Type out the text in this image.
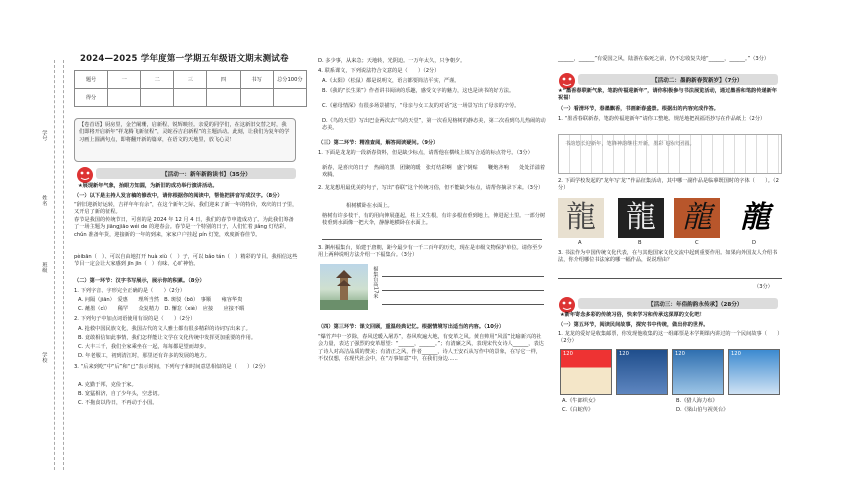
学校
班级
姓名
学号
2024—2025 学年度第一学期五年级语文期末测试卷
题号	一	二	三	四	书写	总分100分
得分						
【卷首语】厨房里，金芒阑珊，启新程，锐辉映径。亲爱的同学们，在这新旧交替之时，我们即将开启新年“祥龙腾飞新征程”，灵蛇吞吉启新程”的主题活动。此刻，让我们为复年的学习画上圆满句点，即将翻开新的篇章，在语文的天地里，放飞心灵！
【活动一：新年新韵读书】（35分）
★展现新年气象，抬眼方知圆，为新旧的成功举行演讲活动。
（一）以下是主持人发言稿的修改中，请你根据你的阅读中，帮他把拼音写成汉字。（8分）
“辞旧迎新好运转，吉祥年年有余”，在这个新年之际，我们迎来了新一年的特价，欢庆的日子里，又开启了新的征程。
春节是我国的传统节日，可喜的是 2024 年 12 月 4 日，我们的春节申遗成功了。为此我们筹备了一场主题为 jiāngjiāo wéi de 的迎春会。春节是一个特别的日子，人们忙着 jiǎng 灯结彩，chǔn 准备年货，迎接新的一年的到来，家家户户挂起 pín 灯笼，欢度新春佳节。
pèibān（　）、可以自由地打开 huà xiù（　）子，可以 bǎo tán（　）精彩的节目。我相信这些节目一定会让大家感到 jīn jīn（　）有味、心旷神怡。
（二）第一环节：汉字书写展示，展示你的积累。（8分）
1. 下列字音、字形完全正确的是（　　）（2分）
A. 问隔（jiān）　爱惠　　理所当然　B. 斑驳（bō）　事顺　　雍容华贵
C. 蘸墨（cì）　　稀罕　　众复精力　D. 懈怠（xiè）　应接　　应接不暇
2. 下列句子中加点词语使用有误的是（　　）（2分）
A. 抢救中国民族文化，我国古代的文人雅士都有很多精彩的诗词写出来了。
B. 竟敢相信如此事情，我们怎样能让文学在文化传统中发挥更加重要的作用。
C. 大丰三千，我们全家乘坐在一起，每每都是望而却步。
D. 年老服工，初到清江时，那里还有许多的发展的地方。
3. “后来到吃”中“后”和“已”表示时间，下列句子和时间意思相似的是（　　）（2分）
A. 克勤于邦，克俭于家。
B. 宽猛相济，自了少年头，空悲切。
C. 不拖食以待日，不再动于小国。
D. 多少事，从来急；天地转，光阴迫。一万年太久，只争朝夕。
4. 联系课文，下列说法符合文意的是（　　）（2分）
A.《太阳》（松鼠）都是说明文，语言都要简洁平实，严谨。
B.《我的“长生果”》作者讲书阅读的乐趣，感受文字的魅力，这也是读书的好方法。
C.《慈母情深》有很多场景描写，“母亲与女工友的对话”这一场景写出了母亲的辛劳。
D.《鸟的天堂》写出巴金两次去“鸟的天堂”，第一次看见榕树的静态美，第二次看到鸟儿热闹的动态美。
（三）第二环节：精准查阅，解答阅读疑问。（9分）
1. 下面是龙龙的一段新春资料，但是缺少标点，请帮他在横线上填写合适的标点符号。（3分）
新春，是喜庆的日子　热闹的黑　团聚的暖　张灯结彩啊　盛宁倒贴　　鞭炮齐响　　处处洋溢着欢腾。
2. 龙龙想用最优美的句子，写出“春联”这个传统习俗，但不能缺少标点，请帮你摘录下来。（3分）
相树横卧在水面上。
榕树有许多枝干，有的用向伸展蓬起，柱上又生根，有许多根直垂到地上，伸进泥土里。一部分树枝垂到水面像一把大伞，静静地横卧在水面上。
3. 渊州福集台，始建于唐朝，距今最少有一千二百年的历史，现在是市级文物保护单位。请你至少用上两种说明方法介绍一下福集台。（3分）
福集台高17米
（四）第三环节：课文回顾，重温经典记忆。根据情境写出适当的内容。（10分）
“爆竹声中一岁除，春风送暖入屠苏”，春风吹遍大地，有变革之风。黄自帅用“风雷”比喻新兴的社会力量，表达了强烈的变革愿望：“______，______。”；有清廉之风，表现宋代女诗人______，表达了诗人对高洁品质的赞美；有清正之风，作者______，诗人王安石从写作中的景象，在写它一样，不仅仅想，在现代社会中，在“万事如意”中，在我们身边......
______，______”有爱国之风，陆游在临死之前，仍不忘收复失地“______，______。”（3分）
【活动二：墨韵新春贺新岁】（7分）
★“墨香春联新气象，笔韵传福迎新年”，请你积极参与书法展览活动，通过墨香和笔韵传递新年祝福！
（一）看清环节，春墨飘香，书画新春盛景。根据出的内容完成作答。
1. “墨香春联新春，笔韵传福迎新年”请你工整地、规范地把祝福语抄写在作品纸上（2分）
书韵悠长迎新年，笔锋神韵继往开新，墨彩飞扬庆团圆。
2. 下面学校发起的“龙年写‘龙’”作品征集活动，其中哪一副作品是临摹既国时的字体（　　）。（2分）
龍 龍 龍 龍
A	B	C	D
3. 书法作为中国传统文化代表，在与其他国家文化交流中起到重要作用。如果向外国友人介绍书法，你介绍哪位书法家的哪一幅作品，说说理由？
（3分）
【活动三：年俗韵韵永传承】（28分）
★新年寄念多彩的传统习俗，快来学习和传承这深厚的文化吧！
（一）第五环节，阅读民间故事，探究书中传统，做出你的世界。
1. 龙龙的爱好是收集邮票，你发现他收集的这一组邮票是本学期课内讲过的一个民间故事（　　）（2分）
120	120	120	120
A.《牛郎织女》	B.《猎人海力布》
C.《白蛇传》	D.《梁山伯与祝英台》
